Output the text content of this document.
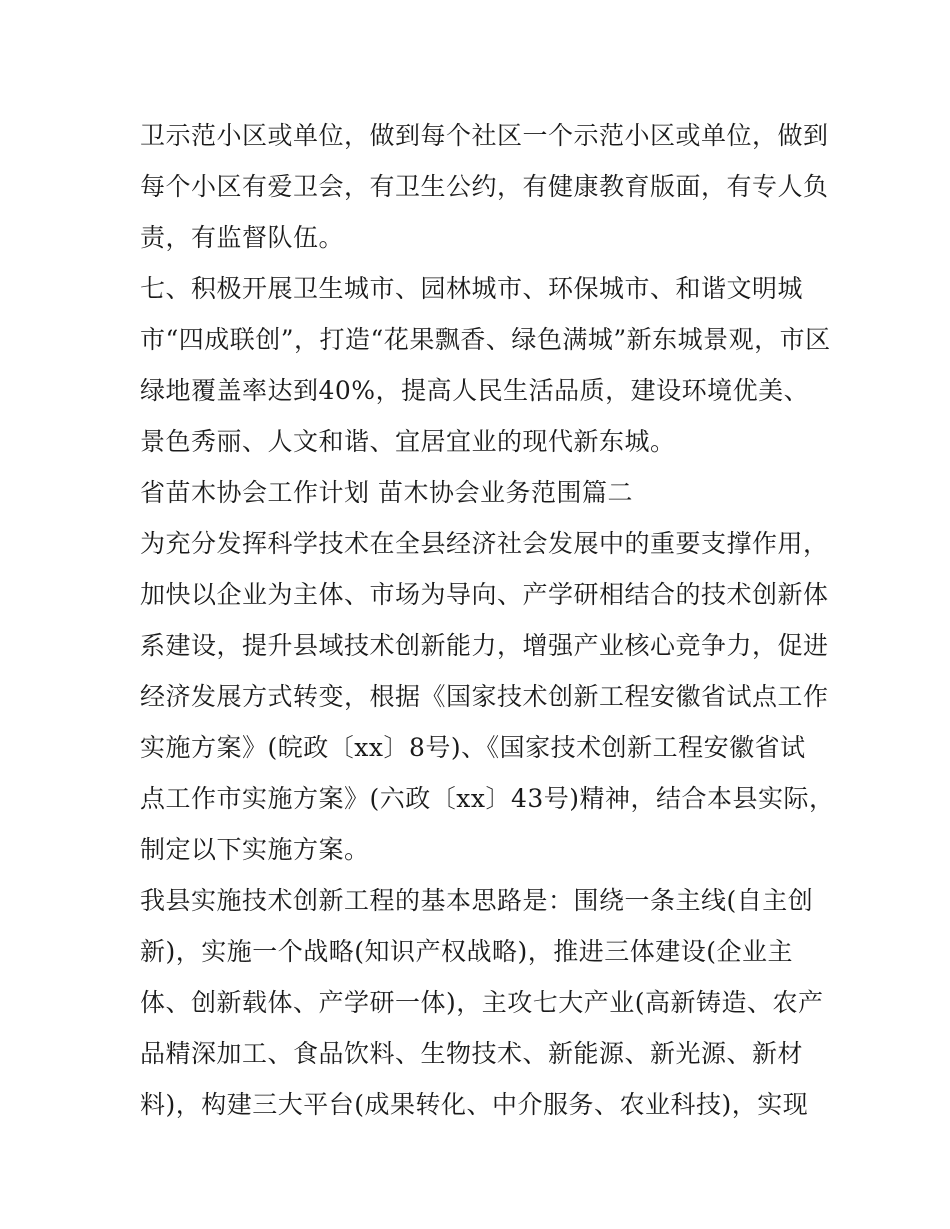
卫示范小区或单位，做到每个社区一个示范小区或单位，做到
每个小区有爱卫会，有卫生公约，有健康教育版面，有专人负
责，有监督队伍。
七、积极开展卫生城市、园林城市、环保城市、和谐文明城
市“四成联创”，打造“花果飘香、绿色满城”新东城景观，市区
绿地覆盖率达到40%，提高人民生活品质，建设环境优美、
景色秀丽、人文和谐、宜居宜业的现代新东城。
省苗木协会工作计划 苗木协会业务范围篇二
为充分发挥科学技术在全县经济社会发展中的重要支撑作用，
加快以企业为主体、市场为导向、产学研相结合的技术创新体
系建设，提升县域技术创新能力，增强产业核心竞争力，促进
经济发展方式转变，根据《国家技术创新工程安徽省试点工作
实施方案》(皖政〔xx〕8号)、《国家技术创新工程安徽省试
点工作市实施方案》(六政〔xx〕43号)精神，结合本县实际，
制定以下实施方案。
我县实施技术创新工程的基本思路是：围绕一条主线(自主创
新)，实施一个战略(知识产权战略)，推进三体建设(企业主
体、创新载体、产学研一体)，主攻七大产业(高新铸造、农产
品精深加工、食品饮料、生物技术、新能源、新光源、新材
料)，构建三大平台(成果转化、中介服务、农业科技)，实现
